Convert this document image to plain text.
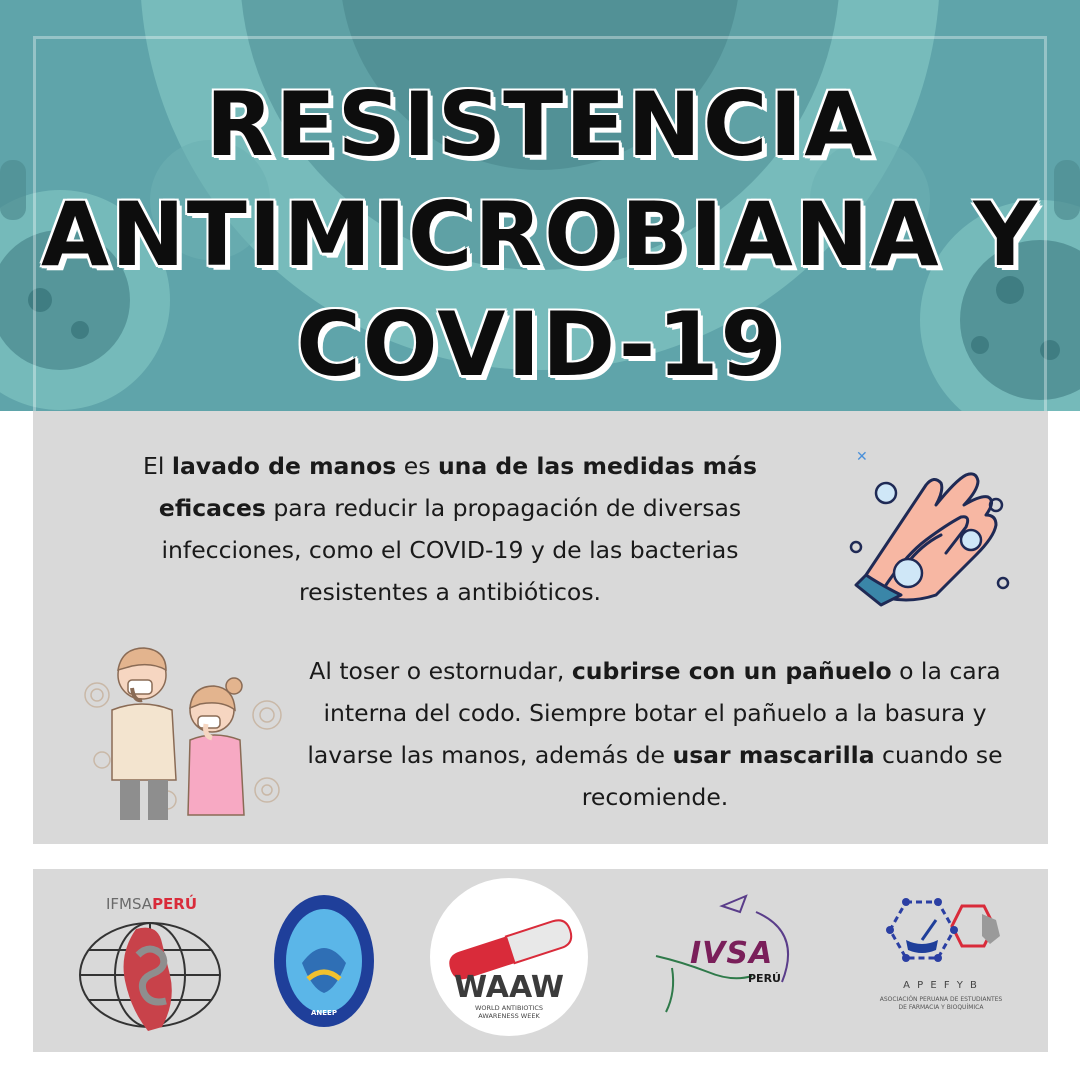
RESISTENCIA
ANTIMICROBIANA Y
COVID-19
El lavado de manos es una de las medidas más eficaces para reducir la propagación de diversas infecciones, como el COVID-19 y de las bacterias resistentes a antibióticos.
Al toser o estornudar, cubrirse con un pañuelo o la cara interna del codo. Siempre botar el pañuelo a la basura y lavarse las manos, además de usar mascarilla cuando se recomiende.
✕
IFMSAPERÚ
ANEEP
WAAW
WORLD ANTIBIOTICS
AWARENESS WEEK
IVSA
PERÚ
A P E F Y B
ASOCIACIÓN PERUANA DE ESTUDIANTES
DE FARMACIA Y BIOQUÍMICA
